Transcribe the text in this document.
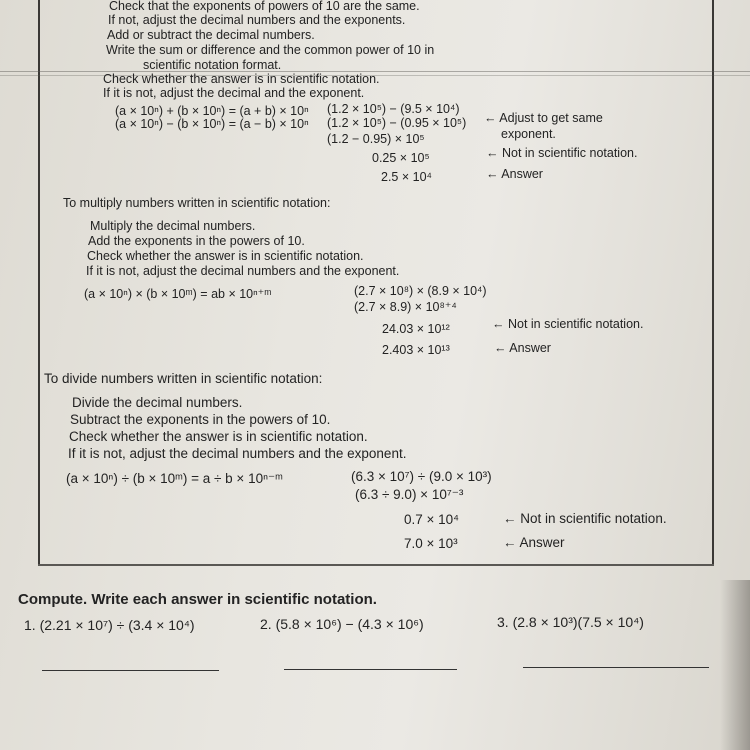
Check that the exponents of powers of 10 are the same.
If not, adjust the decimal numbers and the exponents.
Add or subtract the decimal numbers.
Write the sum or difference and the common power of 10 in
scientific notation format.
Check whether the answer is in scientific notation.
If it is not, adjust the decimal and the exponent.
(a × 10ⁿ) + (b × 10ⁿ) = (a + b) × 10ⁿ
(a × 10ⁿ) − (b × 10ⁿ) = (a − b) × 10ⁿ
(1.2 × 10⁵) − (9.5 × 10⁴)
(1.2 × 10⁵) − (0.95 × 10⁵) ← Adjust to get same
exponent.
(1.2 − 0.95) × 10⁵
0.25 × 10⁵	← Not in scientific notation.
2.5 × 10⁴	← Answer
To multiply numbers written in scientific notation:
Multiply the decimal numbers.
Add the exponents in the powers of 10.
Check whether the answer is in scientific notation.
If it is not, adjust the decimal numbers and the exponent.
(a × 10ⁿ) × (b × 10ᵐ) = ab × 10ⁿ⁺ᵐ	(2.7 × 10⁸) × (8.9 × 10⁴)
(2.7 × 8.9) × 10⁸⁺⁴
24.03 × 10¹²	← Not in scientific notation.
2.403 × 10¹³	← Answer
To divide numbers written in scientific notation:
Divide the decimal numbers.
Subtract the exponents in the powers of 10.
Check whether the answer is in scientific notation.
If it is not, adjust the decimal numbers and the exponent.
(a × 10ⁿ) ÷ (b × 10ᵐ) = a ÷ b × 10ⁿ⁻ᵐ	(6.3 × 10⁷) ÷ (9.0 × 10³)
(6.3 ÷ 9.0) × 10⁷⁻³
0.7 × 10⁴	← Not in scientific notation.
7.0 × 10³	← Answer
Compute. Write each answer in scientific notation.
1. (2.21 × 10⁷) ÷ (3.4 × 10⁴)	2. (5.8 × 10⁶) − (4.3 × 10⁶)	3. (2.8 × 10³)(7.5 × 10⁴)
